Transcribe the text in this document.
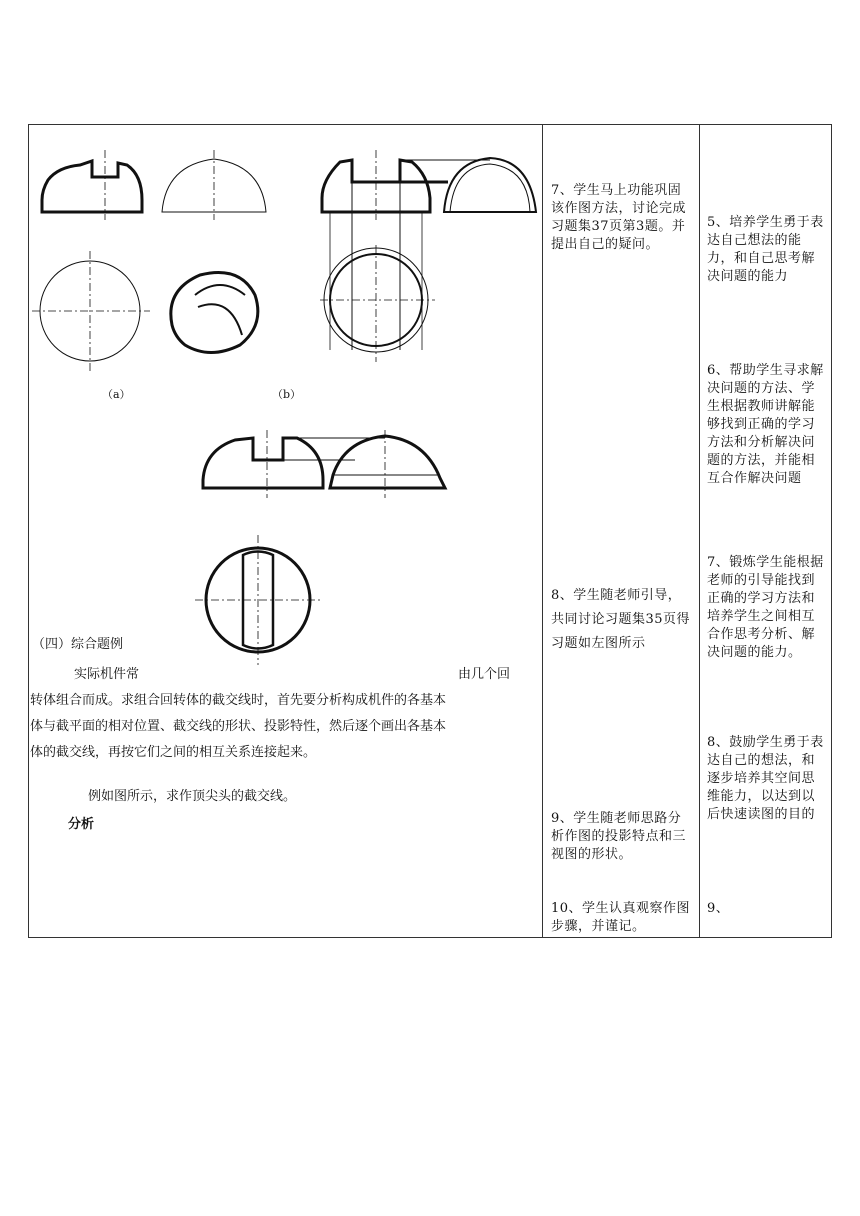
（a）	（b）
（四）综合题例
实际机件常	由几个回
转体组合而成。求组合回转体的截交线时，首先要分析构成机件的各基本
体与截平面的相对位置、截交线的形状、投影特性，然后逐个画出各基本
体的截交线，再按它们之间的相互关系连接起来。
例如图所示，求作顶尖头的截交线。
分析
7、学生马上功能巩固该作图方法，讨论完成习题集37页第3题。并提出自己的疑问。
8、学生随老师引导，共同讨论习题集35页得习题如左图所示
9、学生随老师思路分析作图的投影特点和三视图的形状。
10、学生认真观察作图步骤，并谨记。
5、培养学生勇于表达自己想法的能力，和自己思考解决问题的能力
6、帮助学生寻求解决问题的方法、学生根据教师讲解能够找到正确的学习方法和分析解决问题的方法，并能相互合作解决问题
7、锻炼学生能根据老师的引导能找到正确的学习方法和培养学生之间相互合作思考分析、解决问题的能力。
8、鼓励学生勇于表达自己的想法，和逐步培养其空间思维能力，以达到以后快速读图的目的
9、
